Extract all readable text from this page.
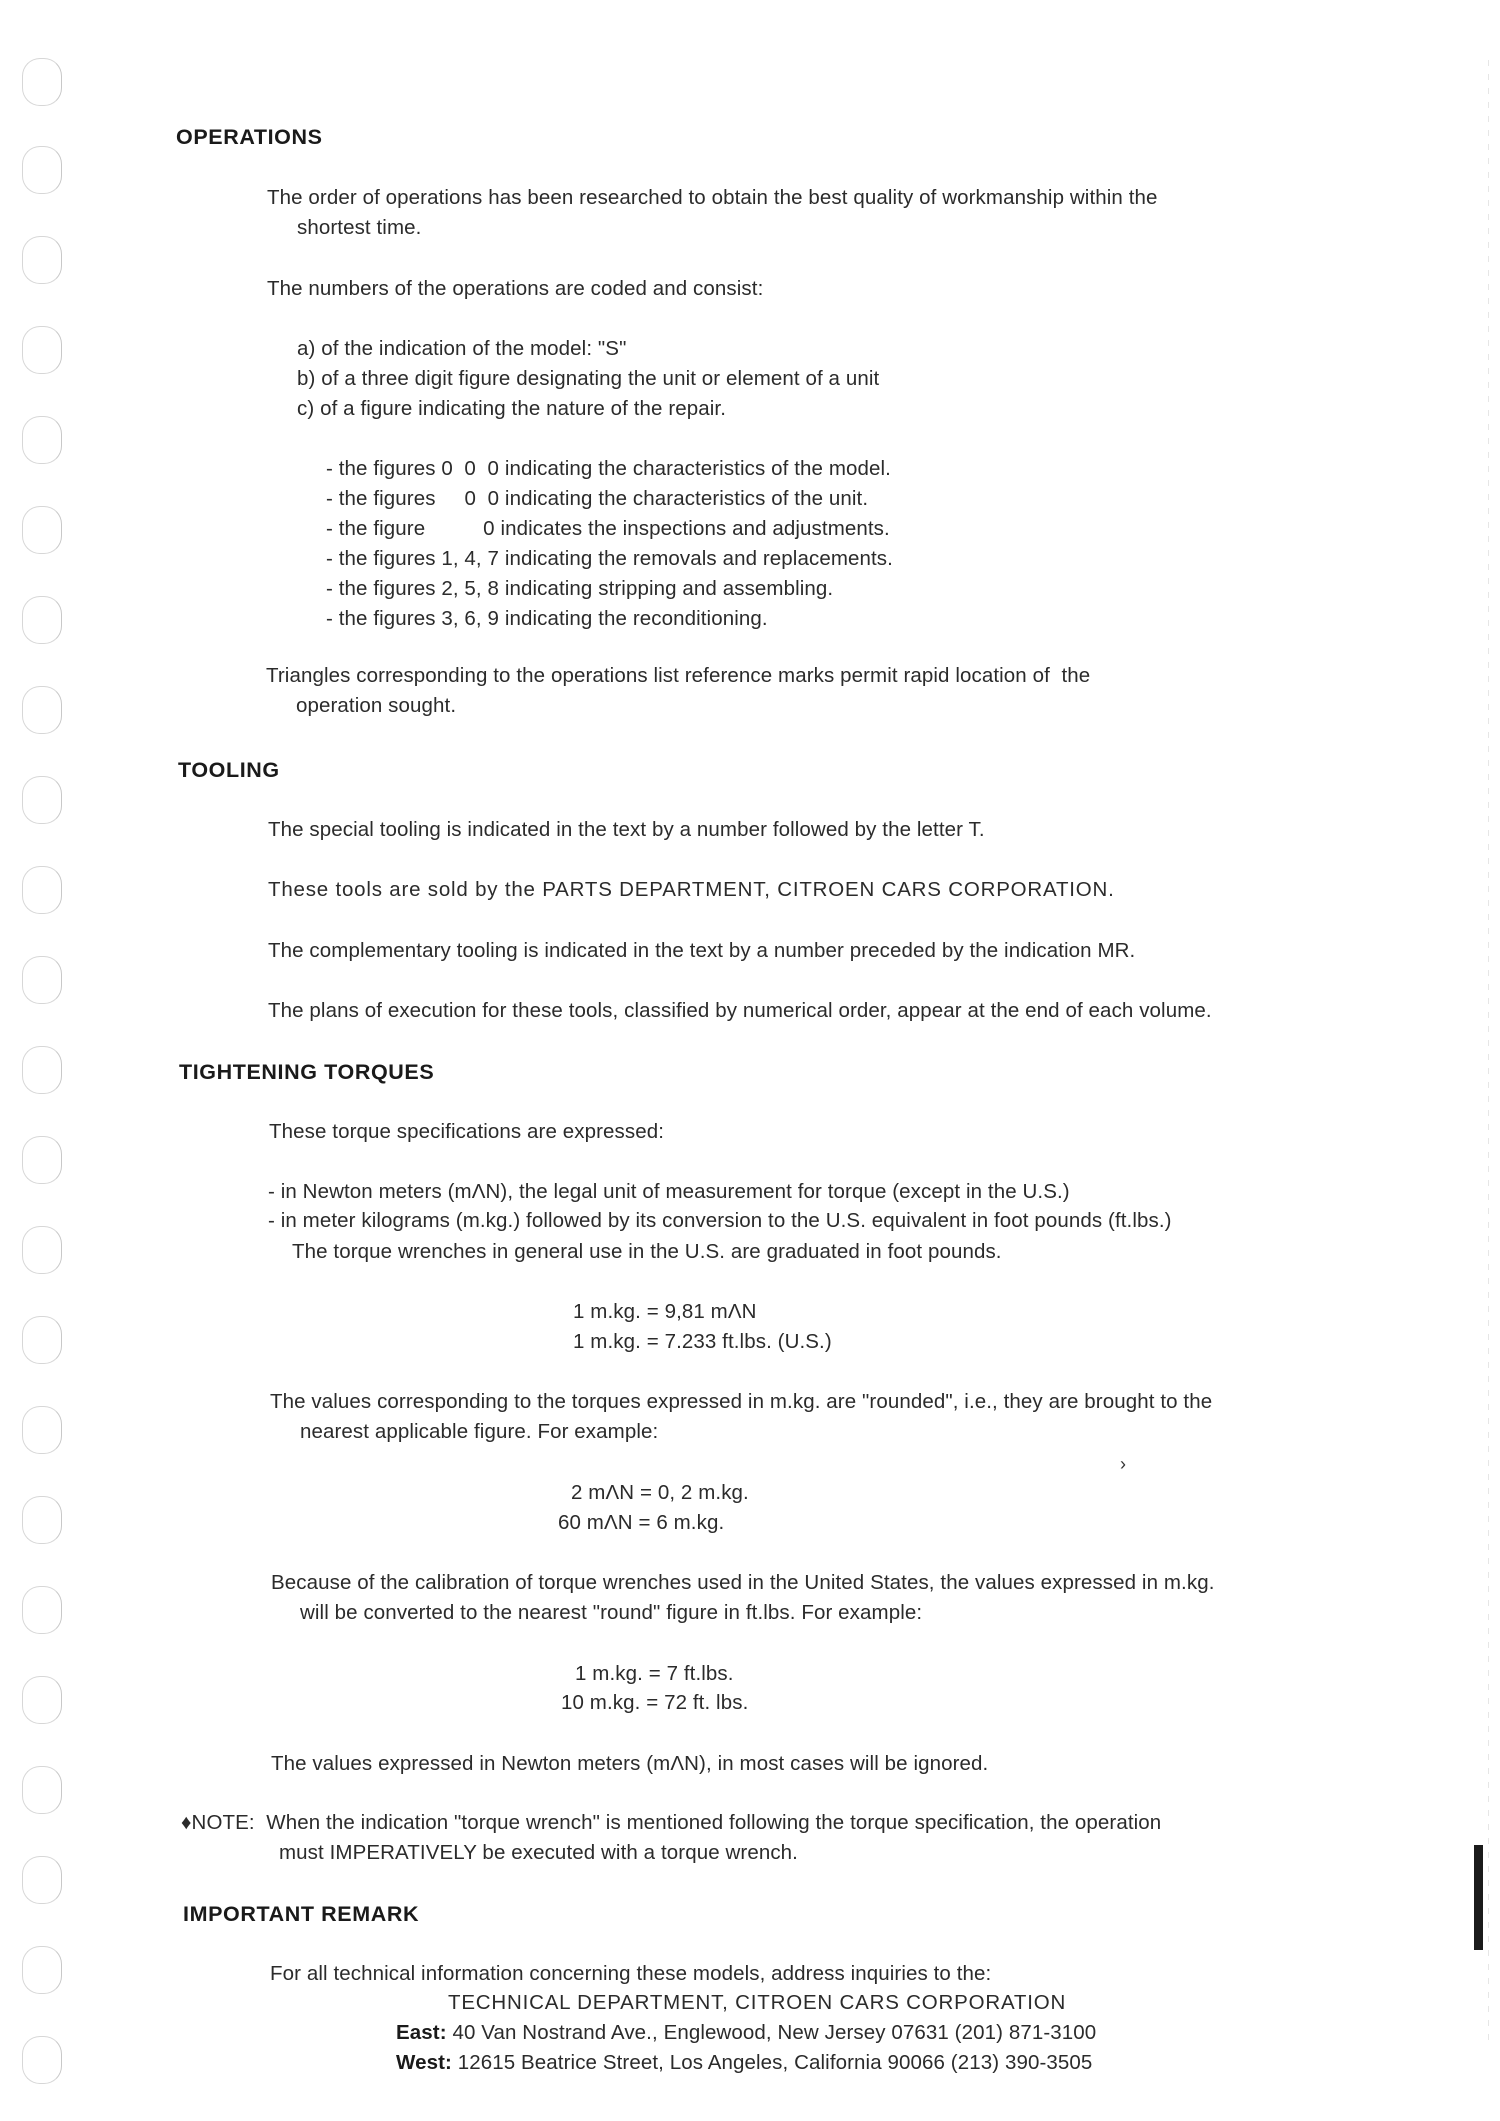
›
OPERATIONS
The order of operations has been researched to obtain the best quality of workmanship within the
shortest time.
The numbers of the operations are coded and consist:
a) of the indication of the model: "S"
b) of a three digit figure designating the unit or element of a unit
c) of a figure indicating the nature of the repair.
- the figures 0  0  0 indicating the characteristics of the model.
- the figures     0  0 indicating the characteristics of the unit.
- the figure          0 indicates the inspections and adjustments.
- the figures 1, 4, 7 indicating the removals and replacements.
- the figures 2, 5, 8 indicating stripping and assembling.
- the figures 3, 6, 9 indicating the reconditioning.
Triangles corresponding to the operations list reference marks permit rapid location of  the
operation sought.
TOOLING
The special tooling is indicated in the text by a number followed by the letter T.
These tools are sold by the PARTS DEPARTMENT, CITROEN CARS CORPORATION.
The complementary tooling is indicated in the text by a number preceded by the indication MR.
The plans of execution for these tools, classified by numerical order, appear at the end of each volume.
TIGHTENING TORQUES
These torque specifications are expressed:
- in Newton meters (mΛN), the legal unit of measurement for torque (except in the U.S.)
- in meter kilograms (m.kg.) followed by its conversion to the U.S. equivalent in foot pounds (ft.lbs.)
The torque wrenches in general use in the U.S. are graduated in foot pounds.
1 m.kg. = 9,81 mΛN
1 m.kg. = 7.233 ft.lbs. (U.S.)
The values corresponding to the torques expressed in m.kg. are "rounded", i.e., they are brought to the
nearest applicable figure. For example:
2 mΛN = 0, 2 m.kg.
60 mΛN = 6 m.kg.
Because of the calibration of torque wrenches used in the United States, the values expressed in m.kg.
will be converted to the nearest "round" figure in ft.lbs. For example:
1 m.kg. = 7 ft.lbs.
10 m.kg. = 72 ft. lbs.
The values expressed in Newton meters (mΛN), in most cases will be ignored.
♦NOTE:  When the indication "torque wrench" is mentioned following the torque specification, the operation
must IMPERATIVELY be executed with a torque wrench.
IMPORTANT REMARK
For all technical information concerning these models, address inquiries to the:
TECHNICAL DEPARTMENT, CITROEN CARS CORPORATION
East: 40 Van Nostrand Ave., Englewood, New Jersey 07631 (201) 871-3100
West: 12615 Beatrice Street, Los Angeles, California 90066 (213) 390-3505
